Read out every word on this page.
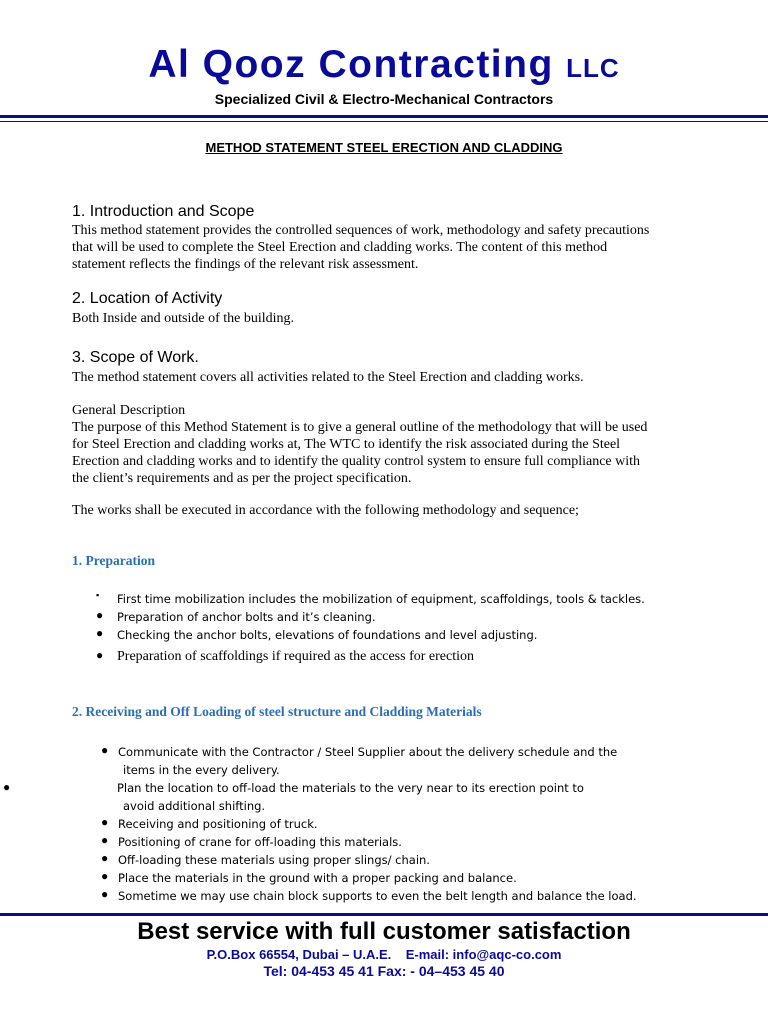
Al Qooz Contracting LLC
Specialized Civil & Electro-Mechanical Contractors
METHOD STATEMENT STEEL ERECTION AND CLADDING
1. Introduction and Scope
This method statement provides the controlled sequences of work, methodology and safety precautions
that will be used to complete the Steel Erection and cladding works. The content of this method
statement reflects the findings of the relevant risk assessment.
2. Location of Activity
Both Inside and outside of the building.
3. Scope of Work.
The method statement covers all activities related to the Steel Erection and cladding works.
General Description
The purpose of this Method Statement is to give a general outline of the methodology that will be used
for Steel Erection and cladding works at, The WTC to identify the risk associated during the Steel
Erection and cladding works and to identify the quality control system to ensure full compliance with
the client’s requirements and as per the project specification.
The works shall be executed in accordance with the following methodology and sequence;
1. Preparation
▪ First time mobilization includes the mobilization of equipment, scaffoldings, tools & tackles.
● Preparation of anchor bolts and it’s cleaning.
● Checking the anchor bolts, elevations of foundations and level adjusting.
● Preparation of scaffoldings if required as the access for erection
2. Receiving and Off Loading of steel structure and Cladding Materials
● Communicate with the Contractor / Steel Supplier about the delivery schedule and the
items in the every delivery.
●	Plan the location to off-load the materials to the very near to its erection point to
avoid additional shifting.
● Receiving and positioning of truck.
● Positioning of crane for off-loading this materials.
● Off-loading these materials using proper slings/ chain.
● Place the materials in the ground with a proper packing and balance.
● Sometime we may use chain block supports to even the belt length and balance the load.
Best service with full customer satisfaction
P.O.Box 66554, Dubai – U.A.E.    E-mail: info@aqc-co.com
Tel: 04-453 45 41 Fax: - 04–453 45 40
